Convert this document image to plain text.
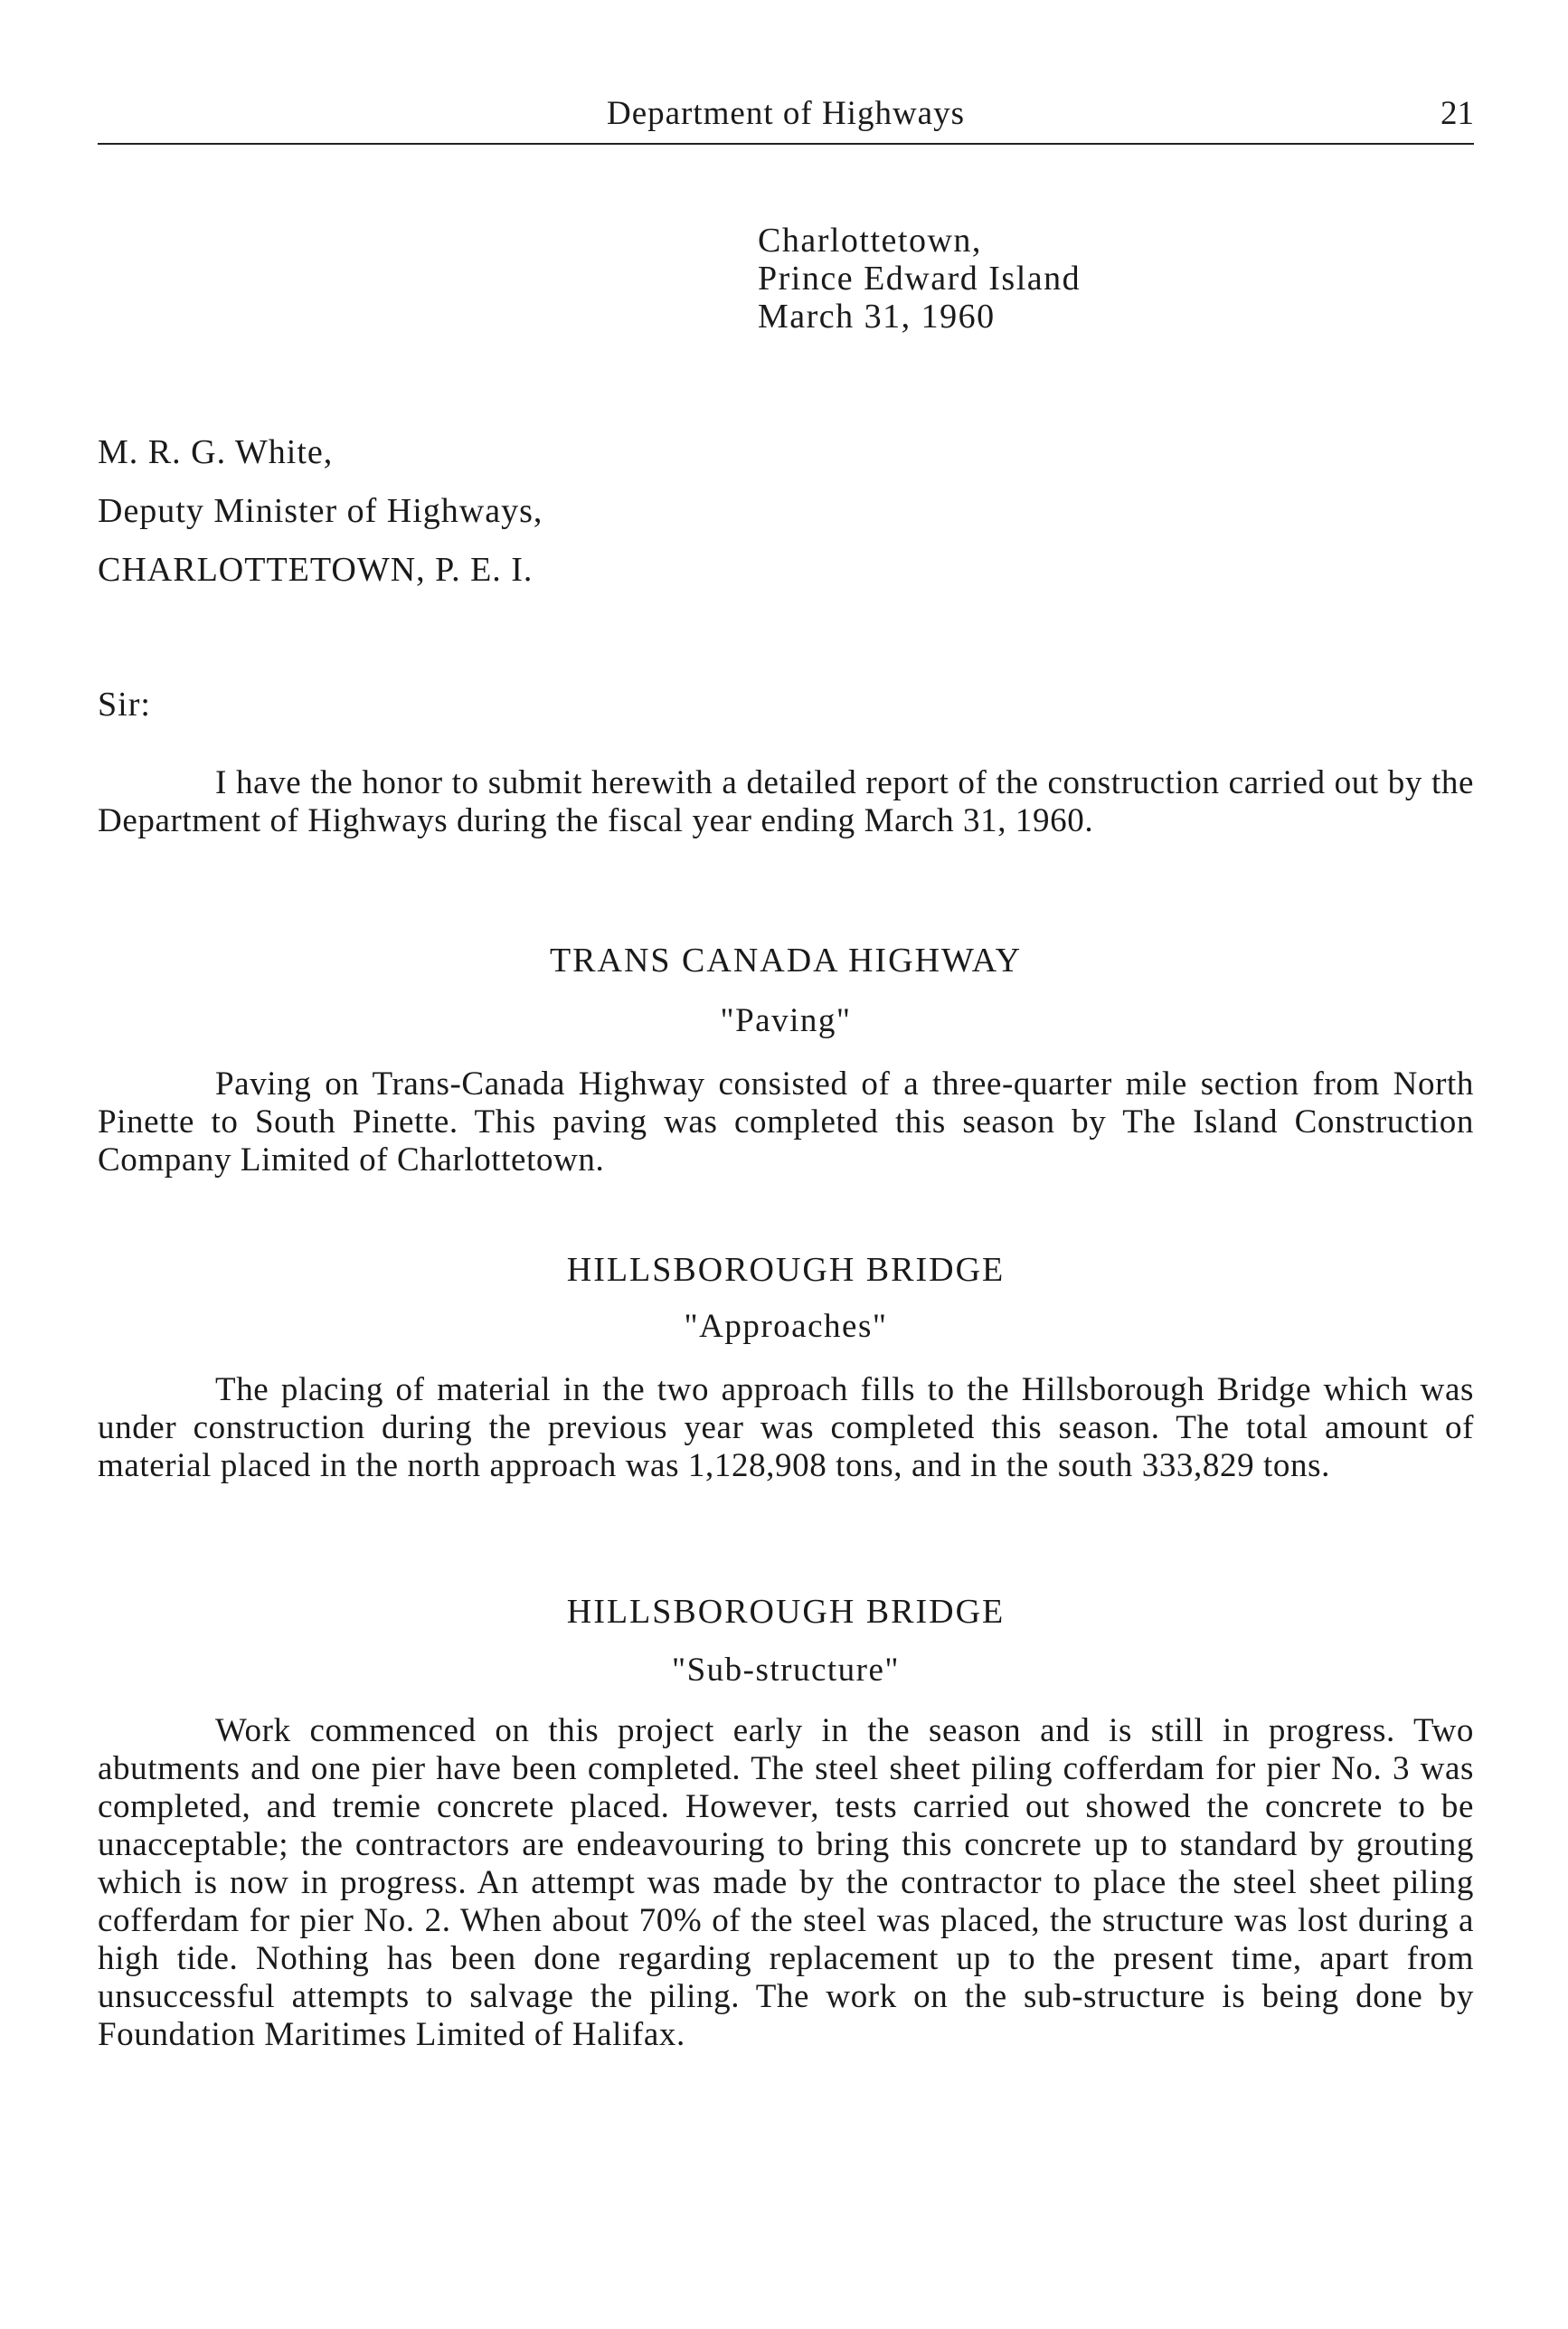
Department of Highways	21
Charlottetown,
Prince Edward Island
March 31, 1960
M. R. G. White,
Deputy Minister of Highways,
CHARLOTTETOWN, P. E. I.
Sir:

I have the honor to submit herewith a detailed report of the construction carried out by the Department of Highways during the fiscal year ending March 31, 1960.

TRANS CANADA HIGHWAY
"Paving"

Paving on Trans-Canada Highway consisted of a three-quarter mile section from North Pinette to South Pinette. This paving was completed this season by The Island Construction Company Limited of Charlottetown.

HILLSBOROUGH BRIDGE
"Approaches"

The placing of material in the two approach fills to the Hillsborough Bridge which was under construction during the previous year was completed this season. The total amount of material placed in the north approach was 1,128,908 tons, and in the south 333,829 tons.

HILLSBOROUGH BRIDGE
"Sub-structure"

Work commenced on this project early in the season and is still in progress. Two abutments and one pier have been completed. The steel sheet piling cofferdam for pier No. 3 was completed, and tremie concrete placed. However, tests carried out showed the concrete to be unacceptable; the contractors are endeavouring to bring this concrete up to standard by grouting which is now in progress. An attempt was made by the contractor to place the steel sheet piling cofferdam for pier No. 2. When about 70% of the steel was placed, the structure was lost during a high tide. Nothing has been done regarding replacement up to the present time, apart from unsuccessful attempts to salvage the piling. The work on the sub-structure is being done by Foundation Maritimes Limited of Halifax.
